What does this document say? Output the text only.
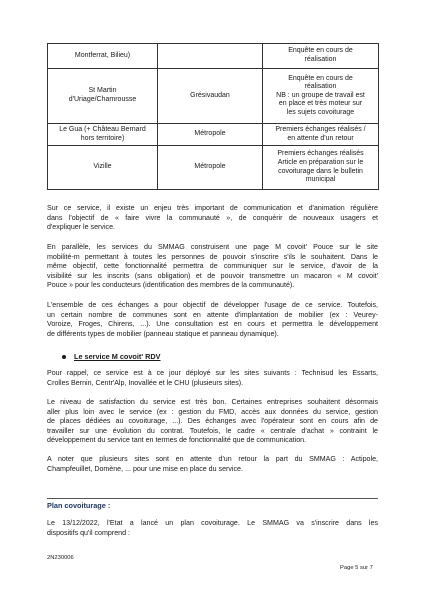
Montferrat, Bilieu)		Enquête en cours de
réalisation

St Martin
d'Uriage/Chamrousse	Grésivaudan	Enquête en cours de
réalisation
NB : un groupe de travail est
en place et très moteur sur
les sujets covoiturage

Le Gua (+ Château Bernard
hors territoire)	Métropole	Premiers échanges réalisés /
en attente d'un retour

Vizille	Métropole	Premiers échanges réalisés
Article en préparation sur le
covoiturage dans le bulletin
municipal

Sur ce service, il existe un enjeu très important de communication et d'animation régulière
dans l'objectif de « faire vivre la communauté », de conquérir de nouveaux usagers et
d'expliquer le service.

En parallèle, les services du SMMAG construisent une page M covoit' Pouce sur le site
mobilité-m permettant à toutes les personnes de pouvoir s'inscrire s'ils le souhaitent. Dans le
même objectif, cette fonctionnalité permettra de communiquer sur le service, d'avoir de la
visibilité sur les inscrits (sans obligation) et de pouvoir transmettre un macaron « M covoit'
Pouce » pour les conducteurs (identification des membres de la communauté).

L'ensemble de ces échanges a pour objectif de développer l'usage de ce service. Toutefois,
un certain nombre de communes sont en attente d'implantation de mobilier (ex : Veurey-
Voroize, Froges, Chirens, ...). Une consultation est en cours et permettra le développement
de différents types de mobilier (panneau statique et panneau dynamique).

Le service M covoit' RDV

Pour rappel, ce service est à ce jour déployé sur les sites suivants : Technisud les Essarts,
Crolles Bernin, Centr'Alp, Inovallée et le CHU (plusieurs sites).

Le niveau de satisfaction du service est très bon. Certaines entreprises souhaitent désormais
aller plus loin avec le service (ex : gestion du FMD, accès aux données du service, gestion
de places dédiées au covoiturage, ...). Des échanges avec l'opérateur sont en cours afin de
travailler sur une évolution du contrat. Toutefois, le cadre « centrale d'achat » contraint le
développement du service tant en termes de fonctionnalité que de communication.

A noter que plusieurs sites sont en attente d'un retour la part du SMMAG : Actipole,
Champfeuillet, Domène, ... pour une mise en place du service.

Plan covoiturage :

Le 13/12/2022, l'Etat a lancé un plan covoiturage. Le SMMAG va s'inscrire dans les
dispositifs qu'il comprend :

2N230006
Page 5 sur 7
